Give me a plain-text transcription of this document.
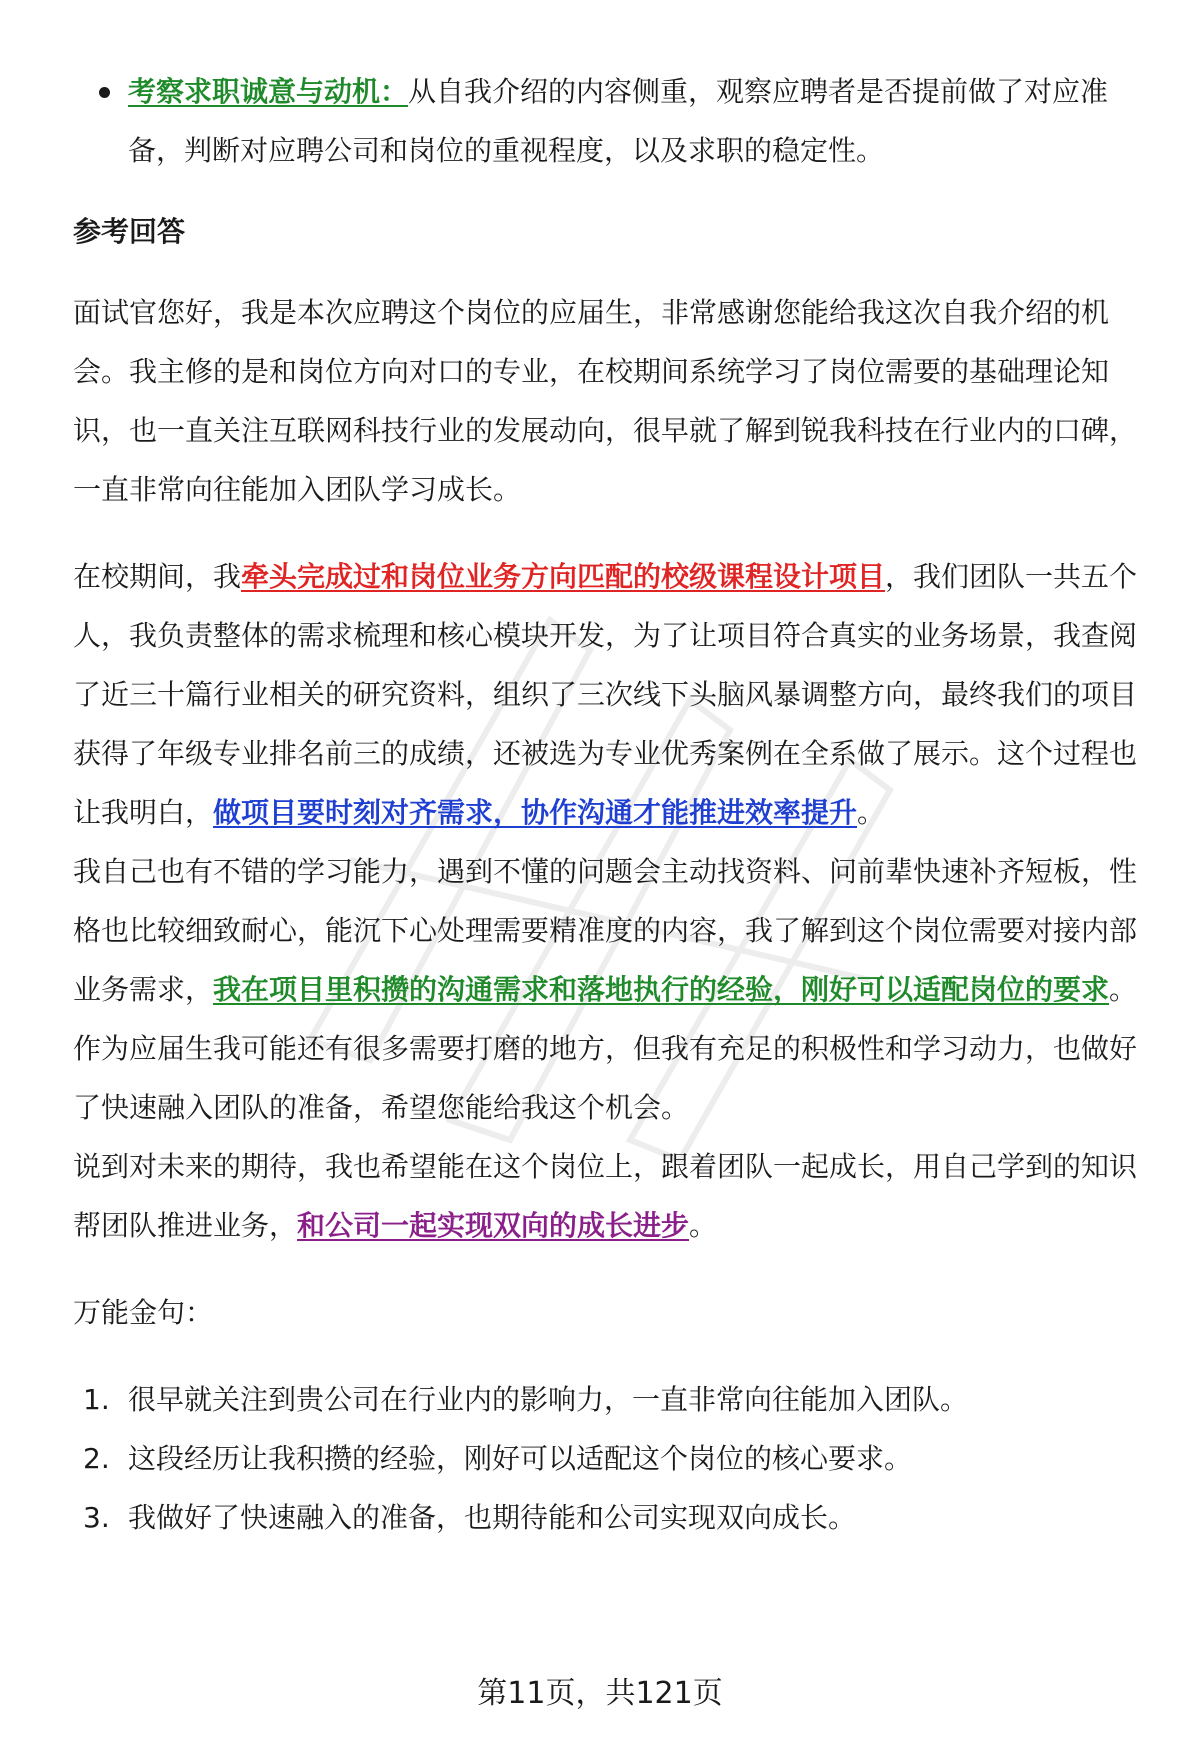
考察求职诚意与动机：从自我介绍的内容侧重，观察应聘者是否提前做了对应准备，判断对应聘公司和岗位的重视程度，以及求职的稳定性。
参考回答

面试官您好，我是本次应聘这个岗位的应届生，非常感谢您能给我这次自我介绍的机会。我主修的是和岗位方向对口的专业，在校期间系统学习了岗位需要的基础理论知识，也一直关注互联网科技行业的发展动向，很早就了解到锐我科技在行业内的口碑，一直非常向往能加入团队学习成长。

在校期间，我牵头完成过和岗位业务方向匹配的校级课程设计项目，我们团队一共五个人，我负责整体的需求梳理和核心模块开发，为了让项目符合真实的业务场景，我查阅了近三十篇行业相关的研究资料，组织了三次线下头脑风暴调整方向，最终我们的项目获得了年级专业排名前三的成绩，还被选为专业优秀案例在全系做了展示。这个过程也让我明白，做项目要时刻对齐需求，协作沟通才能推进效率提升。

我自己也有不错的学习能力，遇到不懂的问题会主动找资料、问前辈快速补齐短板，性格也比较细致耐心，能沉下心处理需要精准度的内容，我了解到这个岗位需要对接内部业务需求，我在项目里积攒的沟通需求和落地执行的经验，刚好可以适配岗位的要求。作为应届生我可能还有很多需要打磨的地方，但我有充足的积极性和学习动力，也做好了快速融入团队的准备，希望您能给我这个机会。

说到对未来的期待，我也希望能在这个岗位上，跟着团队一起成长，用自己学到的知识帮团队推进业务，和公司一起实现双向的成长进步。

万能金句：

1. 很早就关注到贵公司在行业内的影响力，一直非常向往能加入团队。
2. 这段经历让我积攒的经验，刚好可以适配这个岗位的核心要求。
3. 我做好了快速融入的准备，也期待能和公司实现双向成长。
第11页，共121页
